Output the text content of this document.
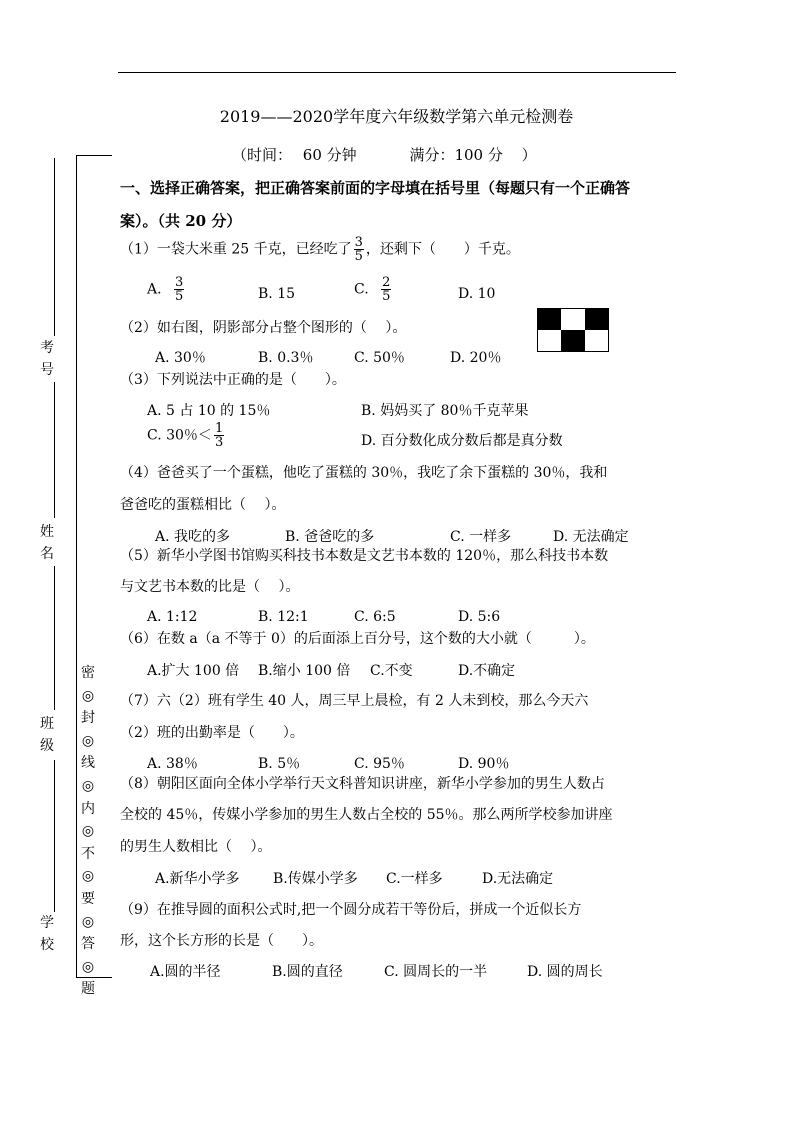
考
号
姓
名
班
级
学
校
密
◎
封
◎
线
◎
内
◎
不
◎
要
◎
答
◎
题
2019——2020学年度六年级数学第六单元检测卷
（时间： 60 分钟	满分：100 分 ）
一、选择正确答案，把正确答案前面的字母填在括号里（每题只有一个正确答
案）。（共 20 分）
（1）一袋大米重 25 千克，已经吃了 $\frac{3}{5}$ ，还剩下（　　）千克。
A. $\frac{3}{5}$	B. 15	C. $\frac{2}{5}$	D. 10
（2）如右图，阴影部分占整个图形的（　 ）。
A. 30％	B. 0.3％	C. 50％	D. 20％
（3）下列说法中正确的是（　　）。
A. 5 占 10 的 15％	B. 妈妈买了 80％千克苹果
C. 30％＜ $\frac{1}{3}$	D. 百分数化成分数后都是真分数
（4）爸爸买了一个蛋糕，他吃了蛋糕的 30％，我吃了余下蛋糕的 30％，我和
爸爸吃的蛋糕相比（　 ）。
A. 我吃的多	B. 爸爸吃的多	C. 一样多	D. 无法确定
（5）新华小学图书馆购买科技书本数是文艺书本数的 120％，那么科技书本数
与文艺书本数的比是（　 ）。
A. 1:12	B. 12:1	C. 6:5	D. 5:6
（6）在数 a（a 不等于 0）的后面添上百分号，这个数的大小就（　　　）。
A.扩大 100 倍 B.缩小 100 倍 C.不变	D.不确定
（7）六（2）班有学生 40 人，周三早上晨检，有 2 人未到校，那么今天六
（2）班的出勤率是（　　）。
A. 38％	B. 5％	C. 95％	D. 90％
（8）朝阳区面向全体小学举行天文科普知识讲座，新华小学参加的男生人数占
全校的 45％，传媒小学参加的男生人数占全校的 55％。那么两所学校参加讲座
的男生人数相比（　 ）。
A.新华小学多 B.传媒小学多 C.一样多	D.无法确定
（9）在推导圆的面积公式时,把一个圆分成若干等份后，拼成一个近似长方
形，这个长方形的长是（　　）。
A.圆的半径	B.圆的直径	C. 圆周长的一半	D. 圆的周长
